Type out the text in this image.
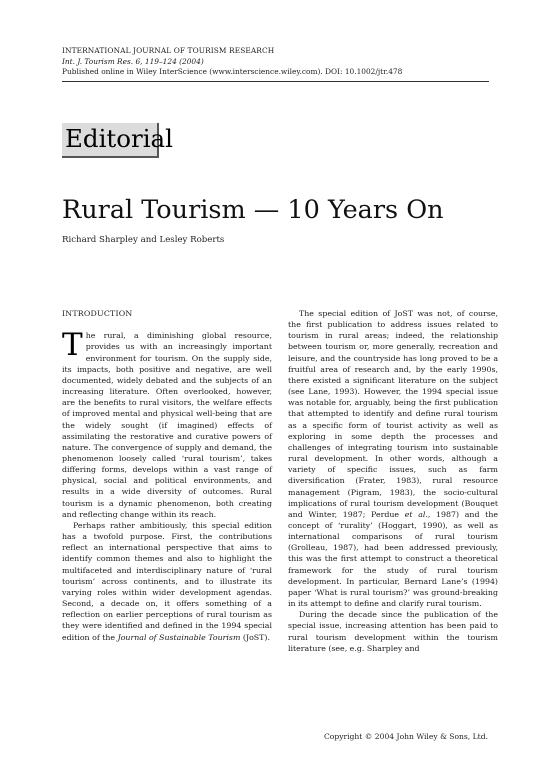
INTERNATIONAL JOURNAL OF TOURISM RESEARCH
Int. J. Tourism Res. 6, 119–124 (2004)
Published online in Wiley InterScience (www.interscience.wiley.com). DOI: 10.1002/jtr.478
Editorial
Rural Tourism — 10 Years On
Richard Sharpley and Lesley Roberts
INTRODUCTION

The rural, a diminishing global resource, provides us with an increasingly important environment for tourism. On the supply side, its impacts, both positive and negative, are well documented, widely debated and the subjects of an increasing literature. Often overlooked, however, are the benefits to rural visitors, the welfare effects of improved mental and physical well-being that are the widely sought (if imagined) effects of assimilating the restorative and curative powers of nature. The convergence of supply and demand, the phenomenon loosely called ‘rural tourism’, takes differing forms, develops within a vast range of physical, social and political environments, and results in a wide diversity of outcomes. Rural tourism is a dynamic phenomenon, both creating and reflecting change within its reach.

Perhaps rather ambitiously, this special edition has a twofold purpose. First, the contributions reflect an international perspective that aims to identify common themes and also to highlight the multifaceted and interdisciplinary nature of ‘rural tourism’ across continents, and to illustrate its varying roles within wider development agendas. Second, a decade on, it offers something of a reflection on earlier perceptions of rural tourism as they were identified and defined in the 1994 special edition of the Journal of Sustainable Tourism (JoST).

The special edition of JoST was not, of course, the first publication to address issues related to tourism in rural areas; indeed, the relationship between tourism or, more generally, recreation and leisure, and the countryside has long proved to be a fruitful area of research and, by the early 1990s, there existed a significant literature on the subject (see Lane, 1993). However, the 1994 special issue was notable for, arguably, being the first publication that attempted to identify and define rural tourism as a specific form of tourist activity as well as exploring in some depth the processes and challenges of integrating tourism into sustainable rural development. In other words, although a variety of specific issues, such as farm diversification (Frater, 1983), rural resource management (Pigram, 1983), the socio-cultural implications of rural tourism development (Bouquet and Winter, 1987; Perdue et al., 1987) and the concept of ‘rurality’ (Hoggart, 1990), as well as international comparisons of rural tourism (Grolleau, 1987), had been addressed previously, this was the first attempt to construct a theoretical framework for the study of rural tourism development. In particular, Bernard Lane’s (1994) paper ‘What is rural tourism?’ was ground-breaking in its attempt to define and clarify rural tourism.

During the decade since the publication of the special issue, increasing attention has been paid to rural tourism development within the tourism literature (see, e.g. Sharpley and

Copyright © 2004 John Wiley & Sons, Ltd.
